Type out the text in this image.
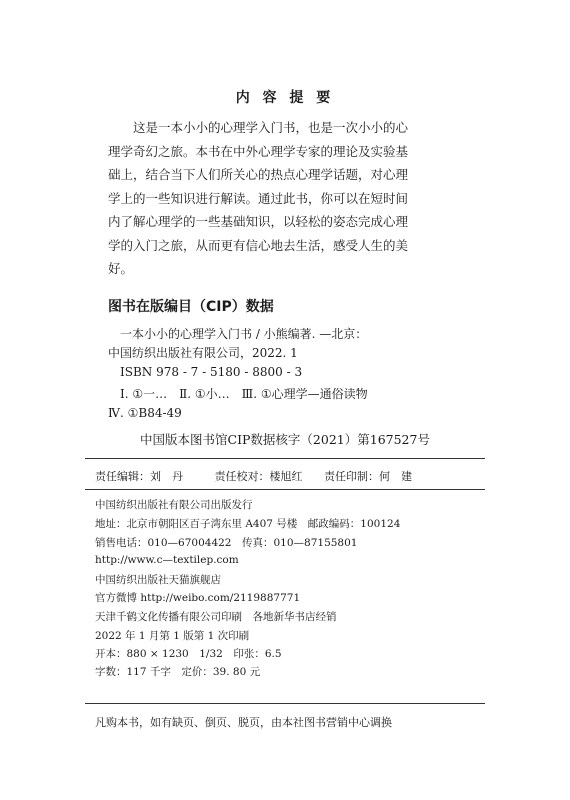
内 容 提 要

这是一本小小的心理学入门书，也是一次小小的心理学奇幻之旅。本书在中外心理学专家的理论及实验基础上，结合当下人们所关心的热点心理学话题，对心理学上的一些知识进行解读。通过此书，你可以在短时间内了解心理学的一些基础知识，以轻松的姿态完成心理学的入门之旅，从而更有信心地去生活，感受人生的美好。

图书在版编目（CIP）数据
一本小小的心理学入门书 / 小熊编著. —北京：
中国纺织出版社有限公司，2022. 1
ISBN 978 - 7 - 5180 - 8800 - 3
Ⅰ. ①一…　Ⅱ. ①小…　Ⅲ. ①心理学—通俗读物
Ⅳ. ①B84-49
中国版本图书馆CIP数据核字（2021）第167527号
责任编辑：刘　丹	责任校对：楼旭红 责任印制：何　建
中国纺织出版社有限公司出版发行
地址：北京市朝阳区百子湾东里 A407 号楼　邮政编码：100124
销售电话：010—67004422　传真：010—87155801
http://www.c—textilep.com
中国纺织出版社天猫旗舰店
官方微博 http://weibo.com/2119887771
天津千鹤文化传播有限公司印刷　各地新华书店经销
2022 年 1 月第 1 版第 1 次印刷
开本：880 × 1230　1/32　印张：6.5
字数：117 千字　定价：39. 80 元
凡购本书，如有缺页、倒页、脱页，由本社图书营销中心调换
